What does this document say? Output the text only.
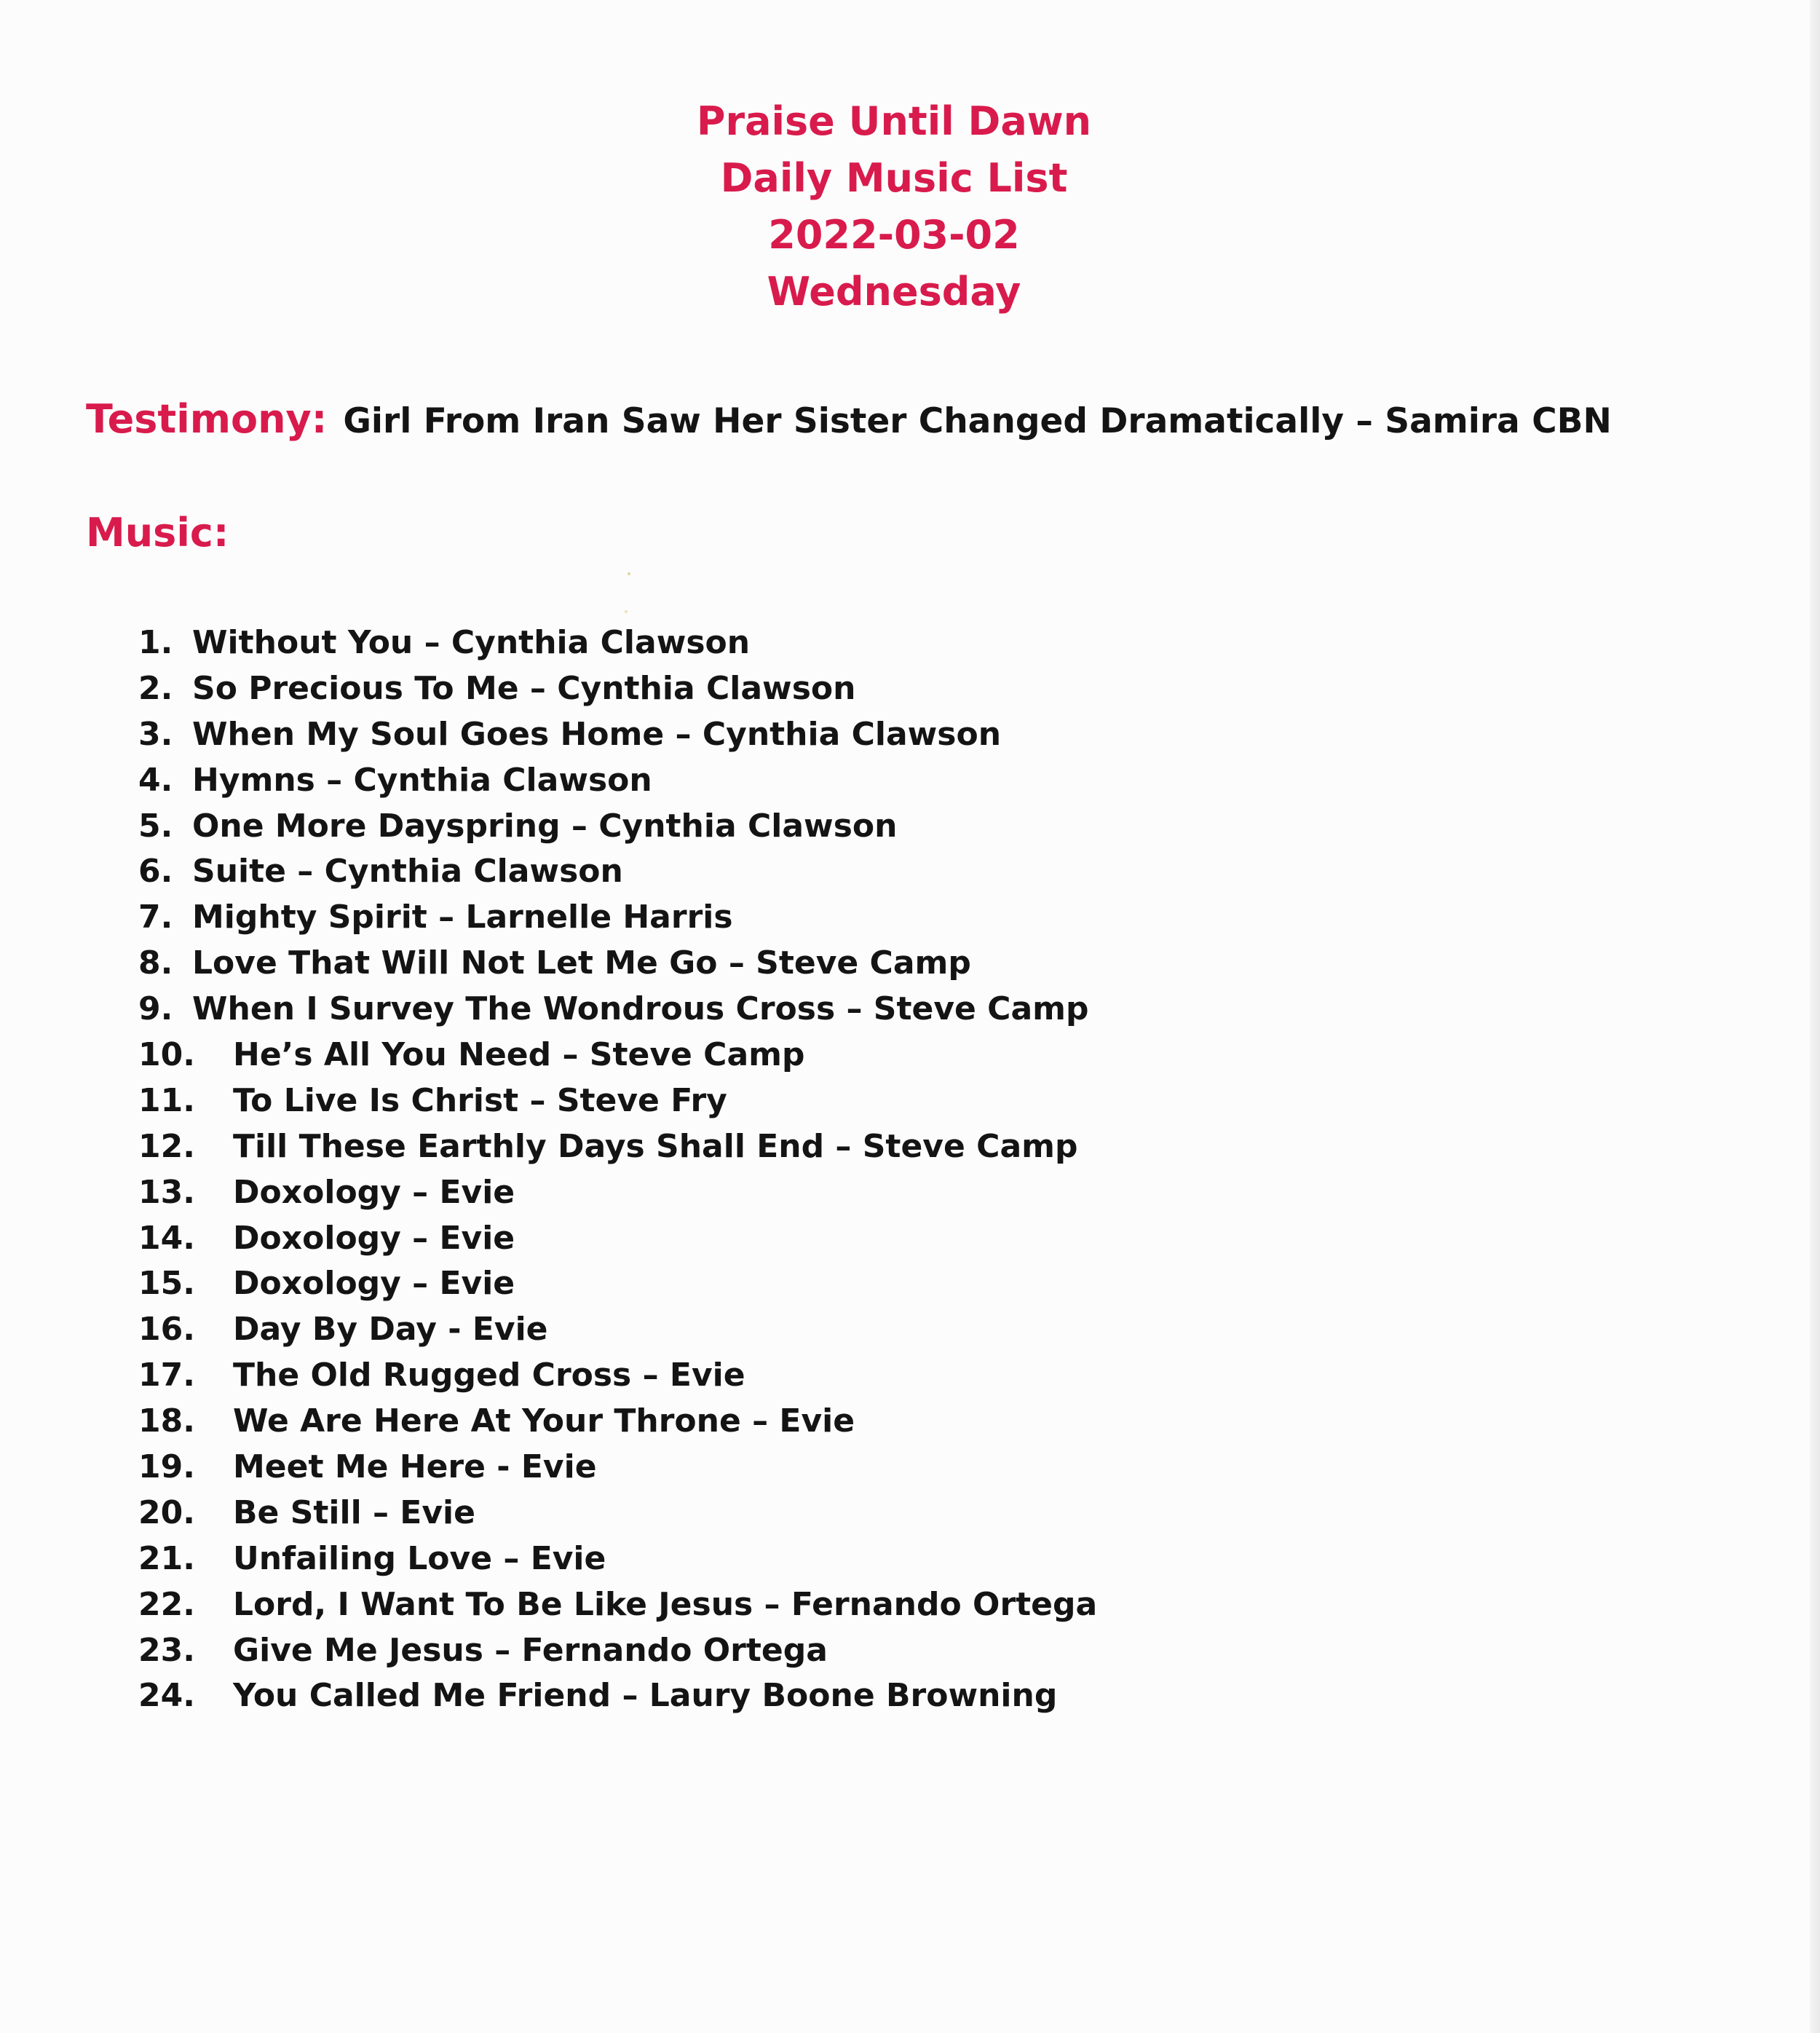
Praise Until Dawn
Daily Music List
2022-03-02
Wednesday
Testimony: Girl From Iran Saw Her Sister Changed Dramatically – Samira CBN
Music:
1. Without You – Cynthia Clawson
2. So Precious To Me – Cynthia Clawson
3. When My Soul Goes Home – Cynthia Clawson
4. Hymns – Cynthia Clawson
5. One More Dayspring – Cynthia Clawson
6. Suite – Cynthia Clawson
7. Mighty Spirit – Larnelle Harris
8. Love That Will Not Let Me Go – Steve Camp
9. When I Survey The Wondrous Cross – Steve Camp
10. He’s All You Need – Steve Camp
11. To Live Is Christ – Steve Fry
12. Till These Earthly Days Shall End – Steve Camp
13. Doxology – Evie
14. Doxology – Evie
15. Doxology – Evie
16. Day By Day - Evie
17. The Old Rugged Cross – Evie
18. We Are Here At Your Throne – Evie
19. Meet Me Here - Evie
20. Be Still – Evie
21. Unfailing Love – Evie
22. Lord, I Want To Be Like Jesus – Fernando Ortega
23. Give Me Jesus – Fernando Ortega
24. You Called Me Friend – Laury Boone Browning
